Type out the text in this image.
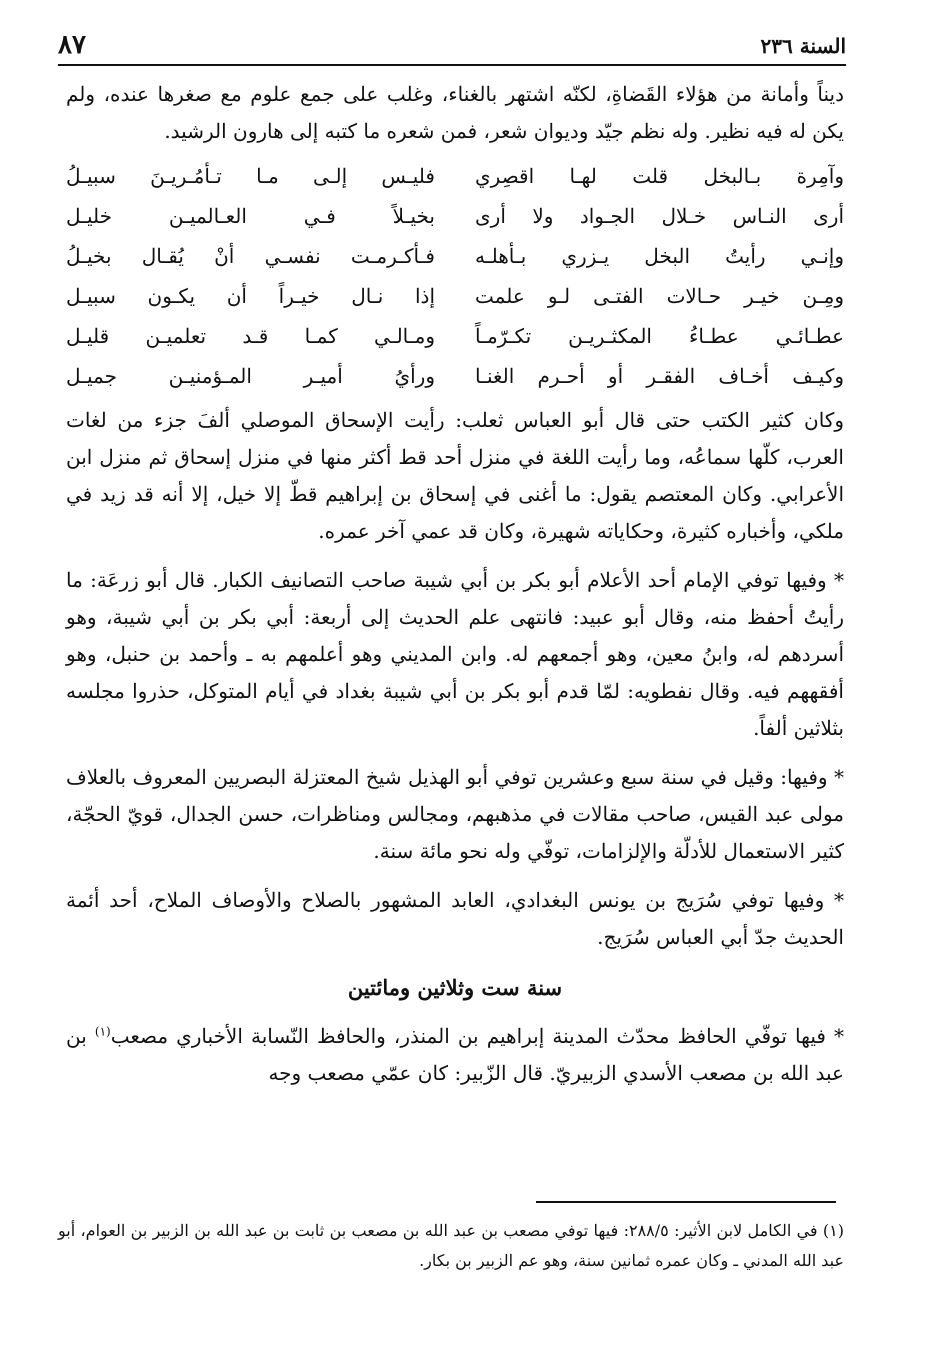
السنة ٢٣٦
٨٧

ديناً وأمانة من هؤلاء القَضاةِ، لكنّه اشتهر بالغناء، وغلب على جمع علوم مع صغرها عنده، ولم يكن له فيه نظير. وله نظم جيّد وديوان شعر، فمن شعره ما كتبه إلى هارون الرشيد.

وآمِرة بـالبخل قلت لهـا اقصِري
فليـس إلـى مـا تـأمُـريـنَ سبيـلُ
أرى النـاس خـلال الجـواد ولا أرى
بخيـلاً فـي العـالميـن خليـل
وإنـي رأيتُ البخل يـزري بـأهلـه
فـأكـرمـت نفسـي أنْ يُقـال بخيـلُ
ومِـن خيـر حـالات الفتـى لـو علمت
إذا نـال خيـراً أن يكـون سبيـل
عطـائـي عطـاءُ المكثـريـن تكـرّمـاً
ومـالـي كمـا قـد تعلميـن قليـل
وكيـف أخـاف الفقـر أو أحـرم الغنـا
ورأيُ أميـر المـؤمنيـن جميـل

وكان كثير الكتب حتى قال أبو العباس ثعلب: رأيت الإسحاق الموصلي ألفَ جزء من لغات العرب، كلّها سماعُه، وما رأيت اللغة في منزل أحد قط أكثر منها في منزل إسحاق ثم منزل ابن الأعرابي. وكان المعتصم يقول: ما أغنى في إسحاق بن إبراهيم قطّ إلا خيل، إلا أنه قد زيد في ملكي، وأخباره كثيرة، وحكاياته شهيرة، وكان قد عمي آخر عمره.

* وفيها توفي الإمام أحد الأعلام أبو بكر بن أبي شيبة صاحب التصانيف الكبار. قال أبو زرعَة: ما رأيتُ أحفظ منه، وقال أبو عبيد: فانتهى علم الحديث إلى أربعة: أبي بكر بن أبي شيبة، وهو أسردهم له، وابنُ معين، وهو أجمعهم له. وابن المديني وهو أعلمهم به ـ وأحمد بن حنبل، وهو أفقههم فيه. وقال نفطويه: لمّا قدم أبو بكر بن أبي شيبة بغداد في أيام المتوكل، حذروا مجلسه بثلاثين ألفاً.

* وفيها: وقيل في سنة سبع وعشرين توفي أبو الهذيل شيخ المعتزلة البصريين المعروف بالعلاف مولى عبد القيس، صاحب مقالات في مذهبهم، ومجالس ومناظرات، حسن الجدال، قويّ الحجّة، كثير الاستعمال للأدلّة والإلزامات، توفّي وله نحو مائة سنة.

* وفيها توفي سُرَيج بن يونس البغدادي، العابد المشهور بالصلاح والأوصاف الملاح، أحد أئمة الحديث جدّ أبي العباس سُرَيج.

سنة ست وثلاثين ومائتين

* فيها توفّي الحافظ محدّث المدينة إبراهيم بن المنذر، والحافظ النّسابة الأخباري مصعب$^{(١)}$ بن عبد الله بن مصعب الأسدي الزبيريّ. قال الزّبير: كان عمّي مصعب وجه

(١) في الكامل لابن الأثير: ٢٨٨/٥: فيها توفي مصعب بن عبد الله بن مصعب بن ثابت بن عبد الله بن الزبير بن العوام، أبو عبد الله المدني ـ وكان عمره ثمانين سنة، وهو عم الزبير بن بكار.
